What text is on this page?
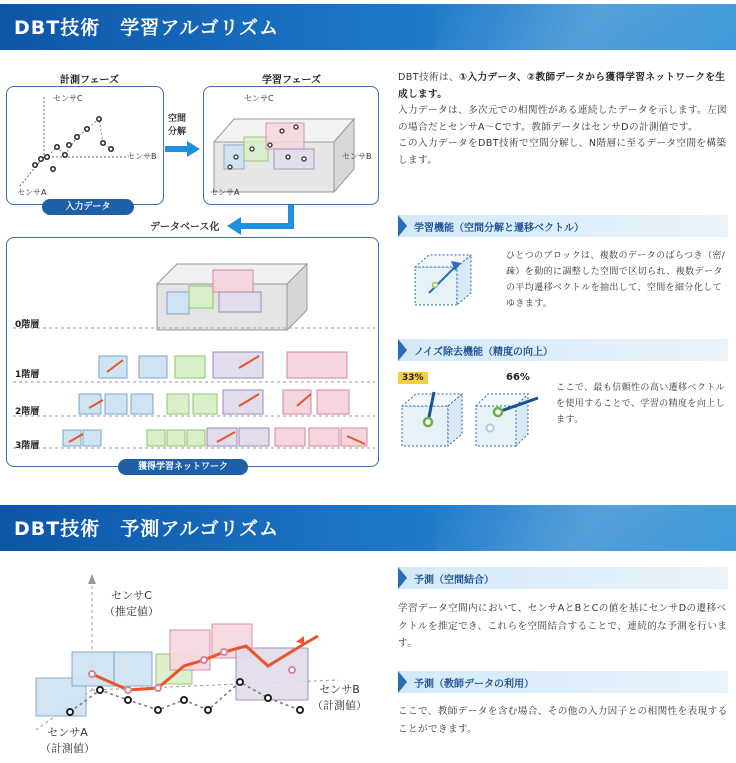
DBT技術　学習アルゴリズム
計測フェーズ	学習フェーズ
センサC
センサB
センサA
入力データ
空間
分解
センサC
センサB
センサA
データベース化
0階層
1階層
2階層
3階層
獲得学習ネットワーク
DBT技術は、①入力データ、②教師データから獲得学習ネットワークを生成します。
入力データは、多次元での相関性がある連続したデータを示します。左図の場合だとセンサA～Cです。教師データはセンサDの計測値です。
この入力データをDBT技術で空間分解し、N階層に至るデータ空間を構築します。
学習機能（空間分解と遷移ベクトル）
ひとつのブロックは、複数のデータのばらつき（密/疎）を動的に調整した空間で区切られ、複数データの平均遷移ベクトルを抽出して、空間を細分化してゆきます。
ノイズ除去機能（精度の向上）
33%	66%
ここで、最も信頼性の高い遷移ベクトルを使用することで、学習の精度を向上します。
DBT技術　予測アルゴリズム
センサC
（推定値）
センサB
（計測値）
センサA
（計測値）
予測（空間結合）
学習データ空間内において、センサAとBとCの値を基にセンサDの遷移ベクトルを推定でき、これらを空間結合することで、連続的な予測を行います。
予測（教師データの利用）
ここで、教師データを含む場合、その他の入力因子との相関性を表現することができます。
